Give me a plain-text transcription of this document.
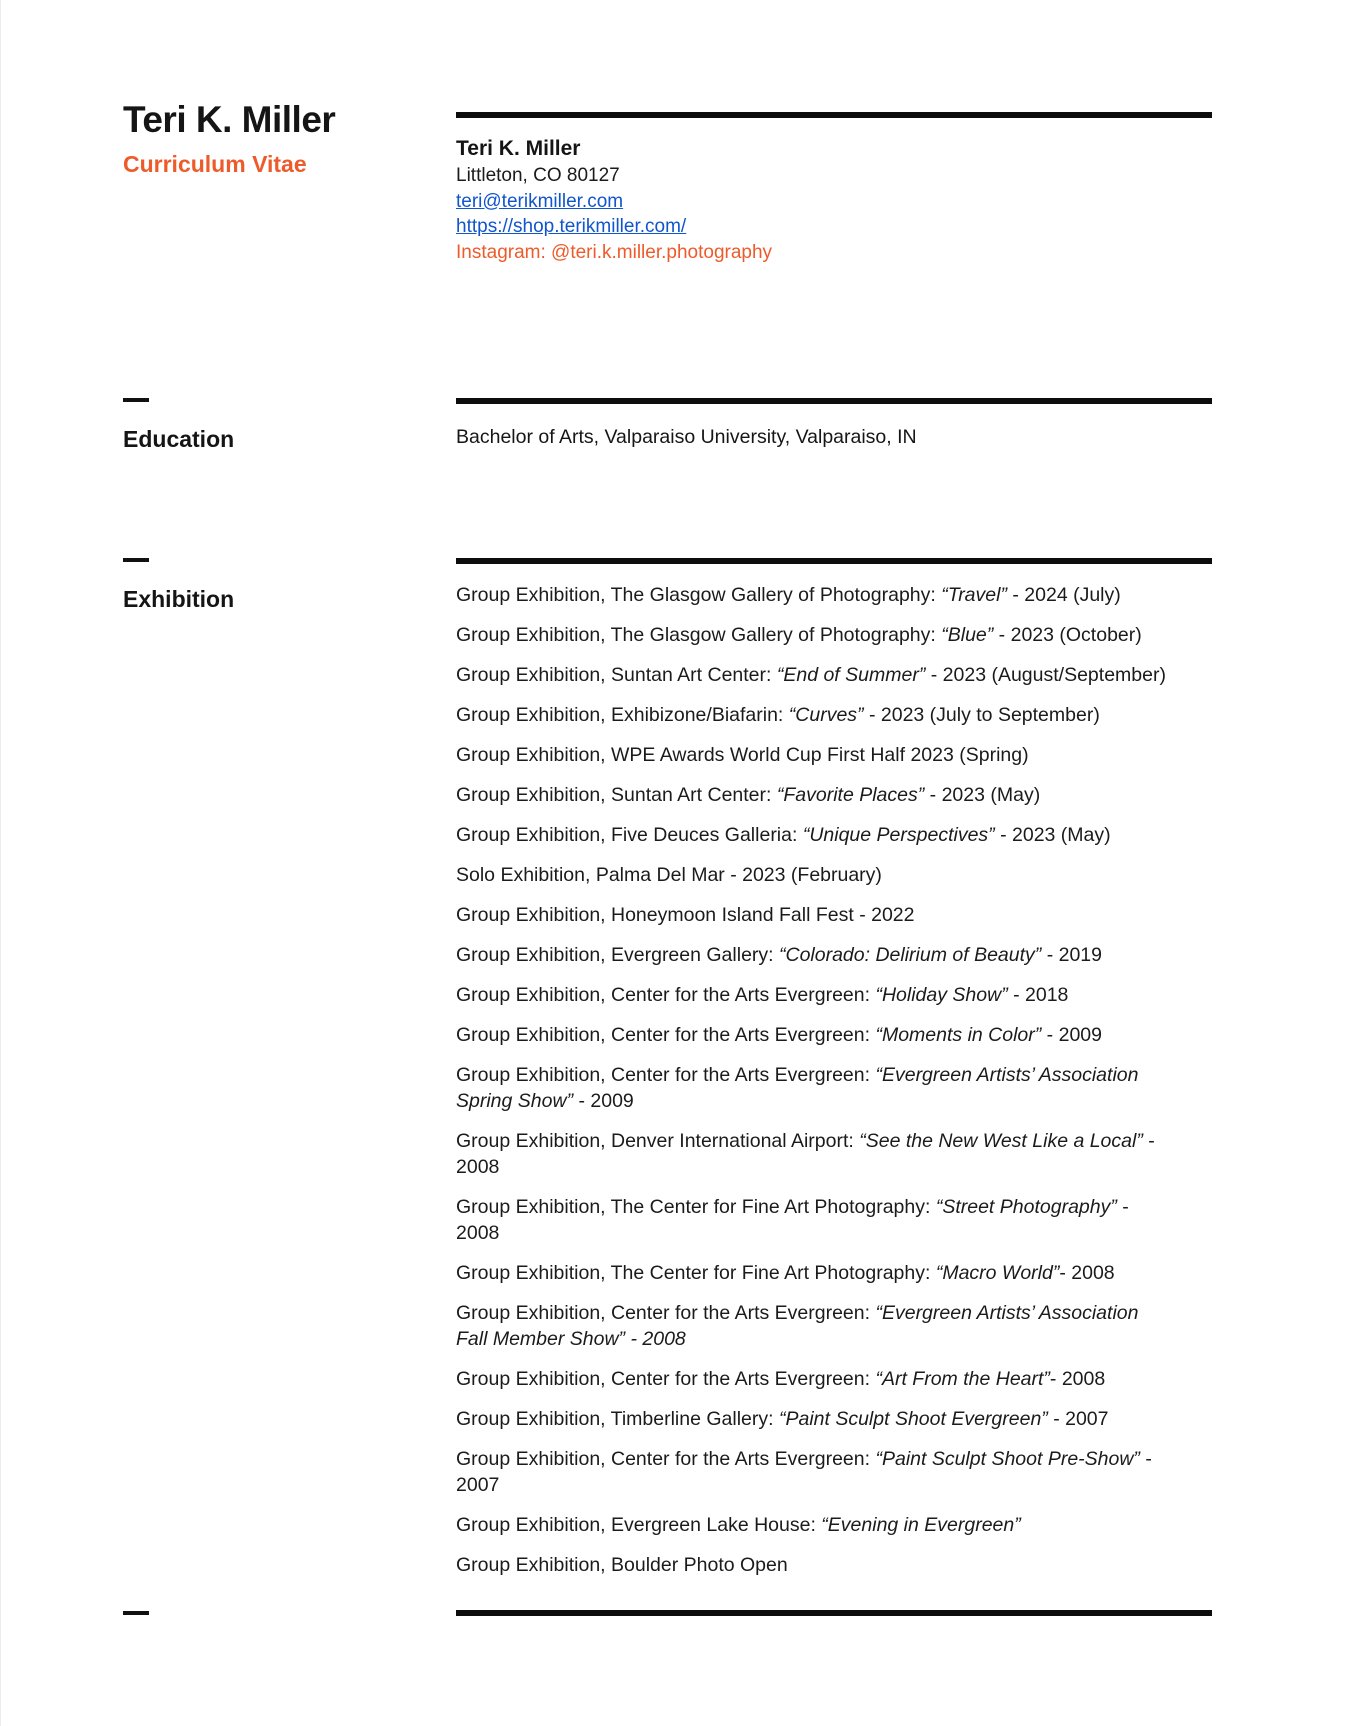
Teri K. Miller
Curriculum Vitae
Teri K. Miller
Littleton, CO 80127
teri@terikmiller.com
https://shop.terikmiller.com/
Instagram: @teri.k.miller.photography
Education	Bachelor of Arts, Valparaiso University, Valparaiso, IN

Exhibition	Group Exhibition, The Glasgow Gallery of Photography: “Travel” - 2024 (July)

Group Exhibition, The Glasgow Gallery of Photography: “Blue” - 2023 (October)

Group Exhibition, Suntan Art Center: “End of Summer” - 2023 (August/September)

Group Exhibition, Exhibizone/Biafarin: “Curves” - 2023 (July to September)

Group Exhibition, WPE Awards World Cup First Half 2023 (Spring)

Group Exhibition, Suntan Art Center: “Favorite Places” - 2023 (May)

Group Exhibition, Five Deuces Galleria: “Unique Perspectives” - 2023 (May)

Solo Exhibition, Palma Del Mar - 2023 (February)

Group Exhibition, Honeymoon Island Fall Fest - 2022

Group Exhibition, Evergreen Gallery: “Colorado: Delirium of Beauty” - 2019

Group Exhibition, Center for the Arts Evergreen: “Holiday Show” - 2018

Group Exhibition, Center for the Arts Evergreen: “Moments in Color” - 2009

Group Exhibition, Center for the Arts Evergreen: “Evergreen Artists’ Association Spring Show” - 2009

Group Exhibition, Denver International Airport: “See the New West Like a Local” - 2008

Group Exhibition, The Center for Fine Art Photography: “Street Photography” - 2008

Group Exhibition, The Center for Fine Art Photography: “Macro World”- 2008

Group Exhibition, Center for the Arts Evergreen: “Evergreen Artists’ Association Fall Member Show” - 2008

Group Exhibition, Center for the Arts Evergreen: “Art From the Heart”- 2008

Group Exhibition, Timberline Gallery: “Paint Sculpt Shoot Evergreen” - 2007

Group Exhibition, Center for the Arts Evergreen: “Paint Sculpt Shoot Pre-Show” - 2007

Group Exhibition, Evergreen Lake House: “Evening in Evergreen”

Group Exhibition, Boulder Photo Open
